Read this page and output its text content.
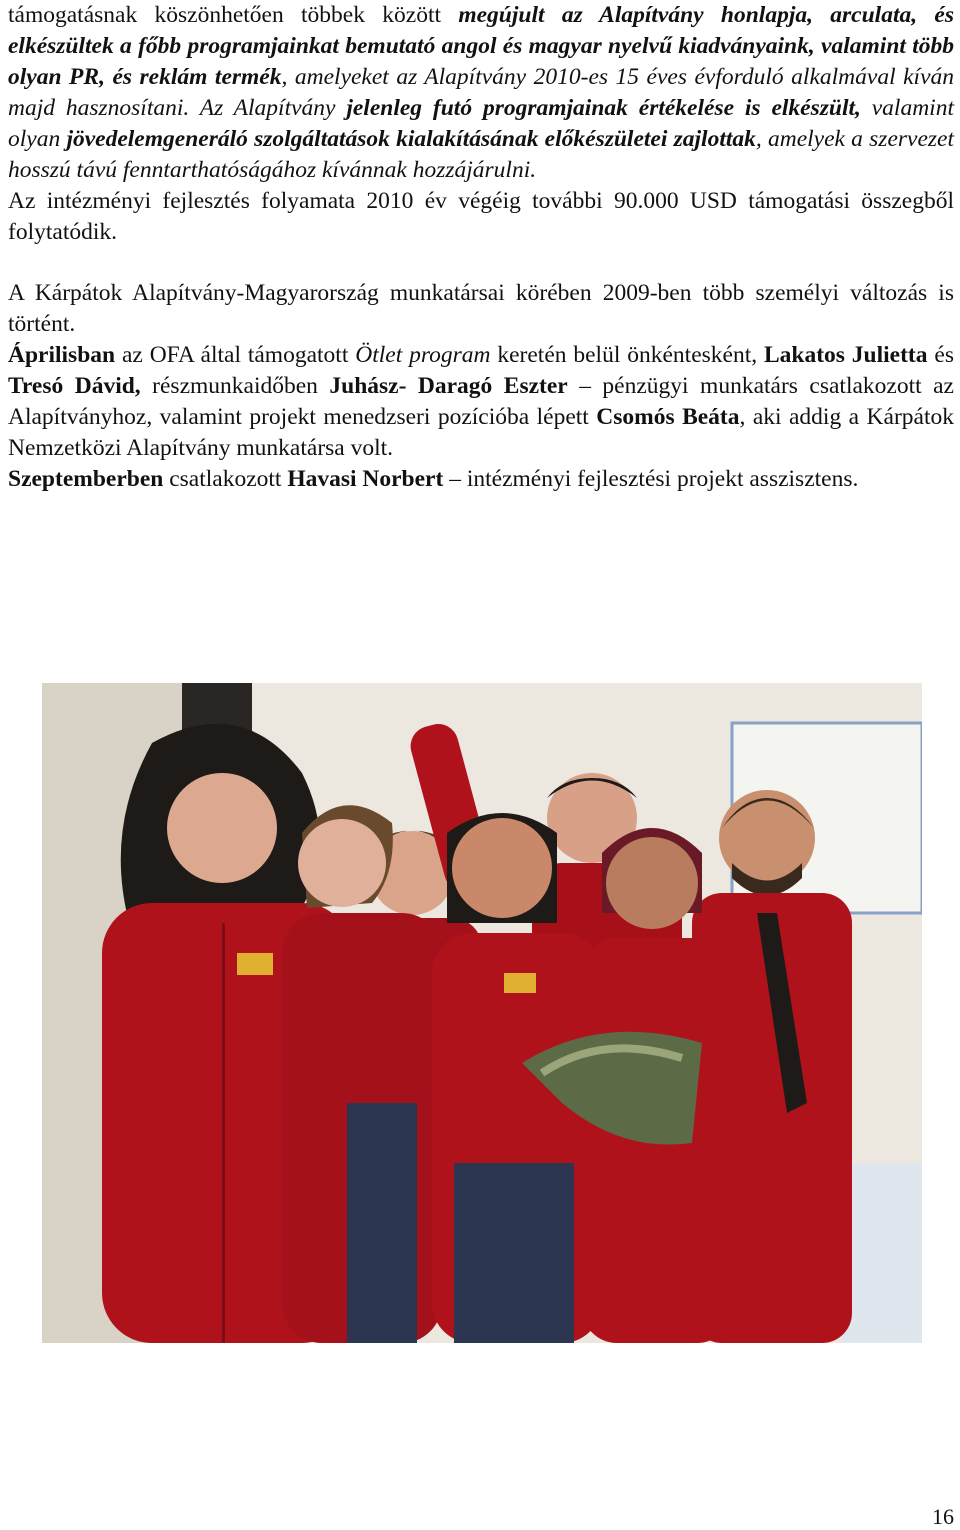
támogatásnak köszönhetően többek között megújult az Alapítvány honlapja, arculata, és elkészültek a főbb programjainkat bemutató angol és magyar nyelvű kiadványaink, valamint több olyan PR, és reklám termék, amelyeket az Alapítvány 2010-es 15 éves évforduló alkalmával kíván majd hasznosítani. Az Alapítvány jelenleg futó programjainak értékelése is elkészült, valamint olyan jövedelemgeneráló szolgáltatások kialakításának előkészületei zajlottak, amelyek a szervezet hosszú távú fenntarthatóságához kívánnak hozzájárulni.

Az intézményi fejlesztés folyamata 2010 év végéig további 90.000 USD támogatási összegből folytatódik.

A Kárpátok Alapítvány-Magyarország munkatársai körében 2009-ben több személyi változás is történt.

Áprilisban az OFA által támogatott Ötlet program keretén belül önkéntesként, Lakatos Julietta és Tresó Dávid, részmunkaidőben Juhász- Daragó Eszter – pénzügyi munkatárs csatlakozott az Alapítványhoz, valamint projekt menedzseri pozícióba lépett Csomós Beáta, aki addig a Kárpátok Nemzetközi Alapítvány munkatársa volt.

Szeptemberben csatlakozott Havasi Norbert – intézményi fejlesztési projekt asszisztens.

16
